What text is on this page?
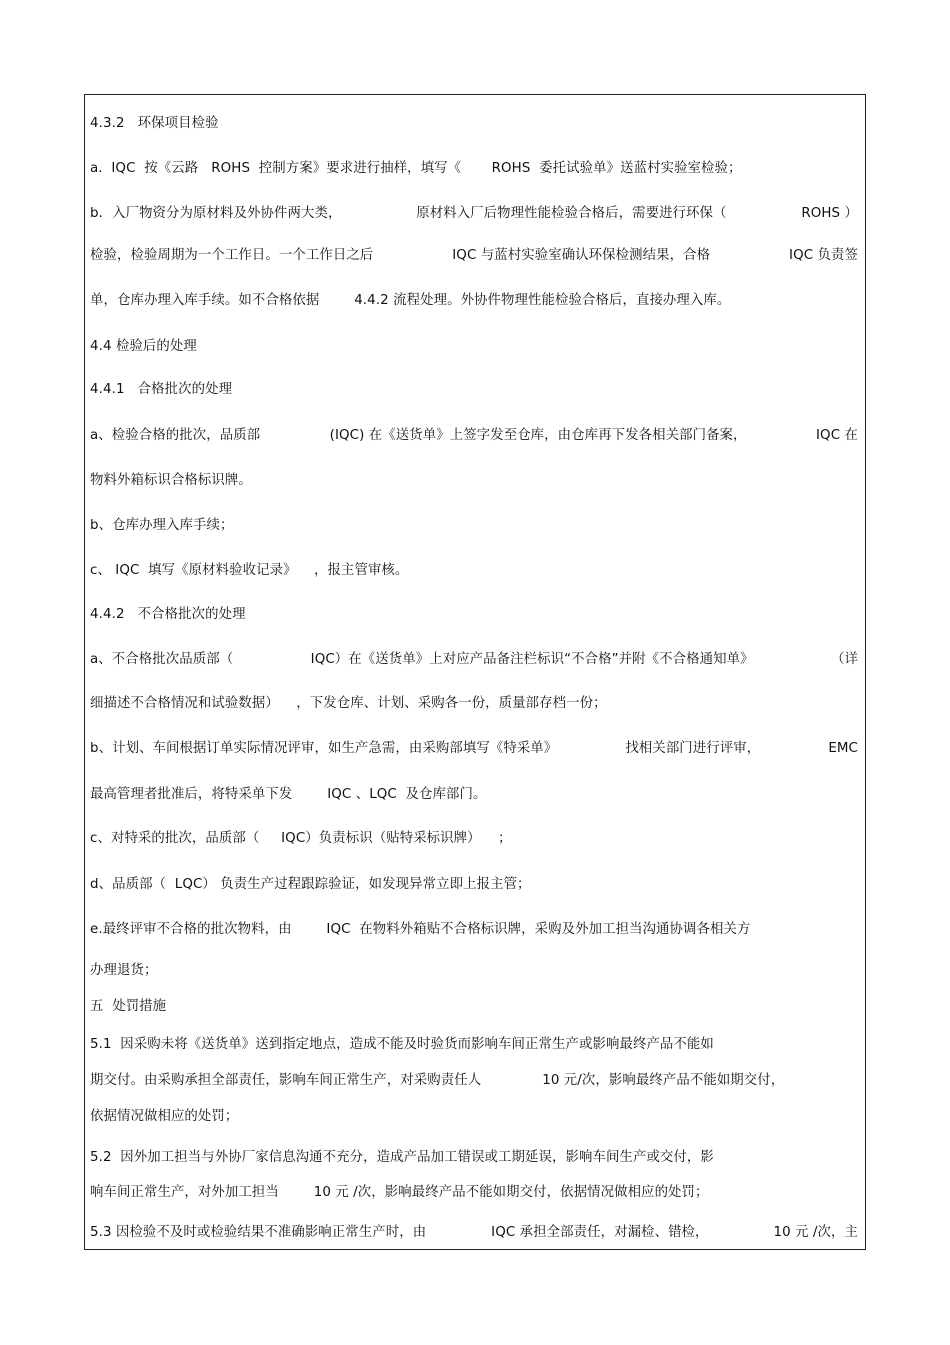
4.3.2   环保项目检验
a.  IQC  按《云路   ROHS  控制方案》要求进行抽样，填写《       ROHS  委托试验单》送蓝村实验室检验；
b．入厂物资分为原材料及外协件两大类，	原材料入厂后物理性能检验合格后，需要进行环保（	ROHS ）
检验，检验周期为一个工作日。一个工作日之后	IQC 与蓝村实验室确认环保检测结果，合格	IQC 负责签
单，仓库办理入库手续。如不合格依据        4.4.2 流程处理。外协件物理性能检验合格后，直接办理入库。
4.4 检验后的处理
4.4.1   合格批次的处理
a、检验合格的批次，品质部	(IQC) 在《送货单》上签字发至仓库，由仓库再下发各相关部门备案，	IQC 在
物料外箱标识合格标识牌。
b、仓库办理入库手续；
c、 IQC  填写《原材料验收记录》    ，报主管审核。
4.4.2   不合格批次的处理
a、不合格批次品质部（	IQC）在《送货单》上对应产品备注栏标识“不合格”并附《不合格通知单》	（详
细描述不合格情况和试验数据）    ，下发仓库、计划、采购各一份，质量部存档一份；
b、计划、车间根据订单实际情况评审，如生产急需，由采购部填写《特采单》	找相关部门进行评审，	EMC
最高管理者批准后，将特采单下发        IQC 、LQC  及仓库部门。
c、对特采的批次，品质部（     IQC）负责标识（贴特采标识牌）    ；
d、品质部（  LQC） 负责生产过程跟踪验证，如发现异常立即上报主管；
e.最终评审不合格的批次物料，由        IQC  在物料外箱贴不合格标识牌，采购及外加工担当沟通协调各相关方
办理退货；
五  处罚措施
5.1  因采购未将《送货单》送到指定地点，造成不能及时验货而影响车间正常生产或影响最终产品不能如
期交付。由采购承担全部责任，影响车间正常生产，对采购责任人              10 元/次，影响最终产品不能如期交付，
依据情况做相应的处罚；
5.2  因外加工担当与外协厂家信息沟通不充分，造成产品加工错误或工期延误，影响车间生产或交付，影
响车间正常生产，对外加工担当        10 元 /次，影响最终产品不能如期交付，依据情况做相应的处罚；
5.3 因检验不及时或检验结果不准确影响正常生产时，由	IQC 承担全部责任，对漏检、错检，	10 元 /次，主
